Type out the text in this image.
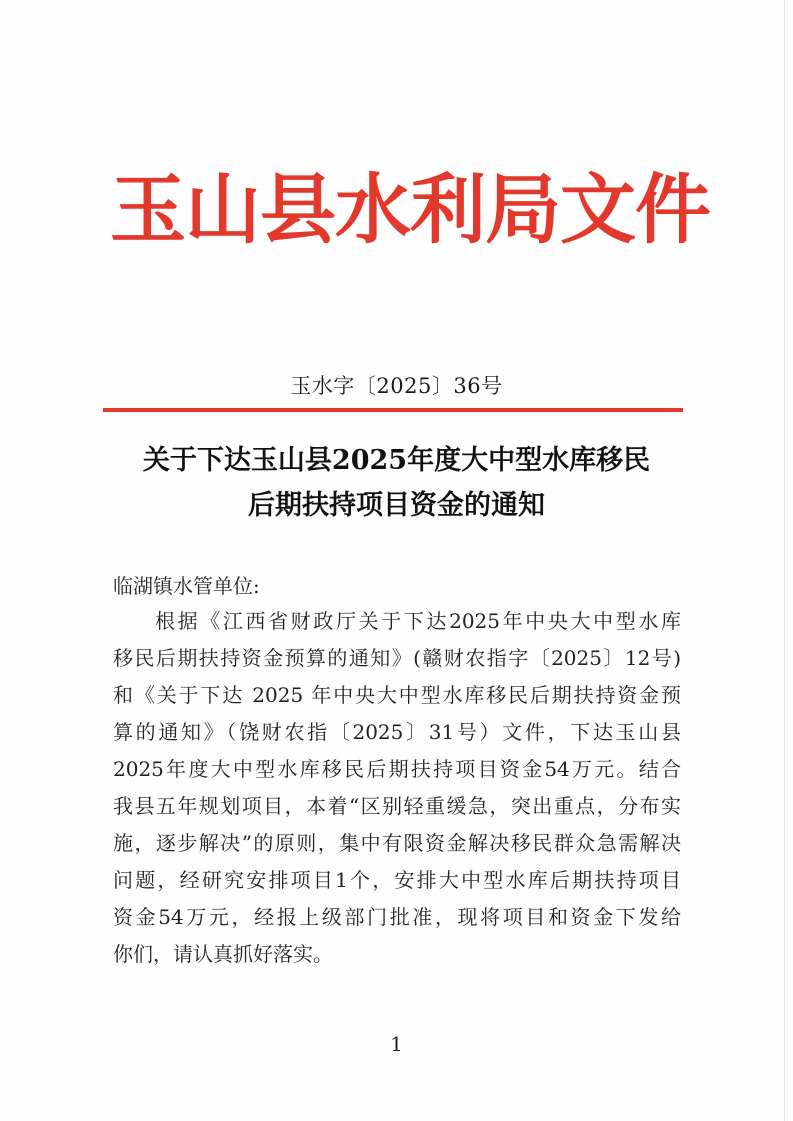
玉山县水利局文件
玉水字〔2025〕36号
关于下达玉山县2025年度大中型水库移民
后期扶持项目资金的通知
临湖镇水管单位:
根据《江西省财政厅关于下达2025年中央大中型水库
移民后期扶持资金预算的通知》(赣财农指字〔2025〕12号)
和《关于下达 2025 年中央大中型水库移民后期扶持资金预
算的通知》（饶财农指〔2025〕31号）文件，下达玉山县
2025年度大中型水库移民后期扶持项目资金54万元。结合
我县五年规划项目，本着“区别轻重缓急，突出重点，分布实
施，逐步解决”的原则，集中有限资金解决移民群众急需解决
问题，经研究安排项目1个，安排大中型水库后期扶持项目
资金54万元，经报上级部门批准，现将项目和资金下发给
你们，请认真抓好落实。
1
